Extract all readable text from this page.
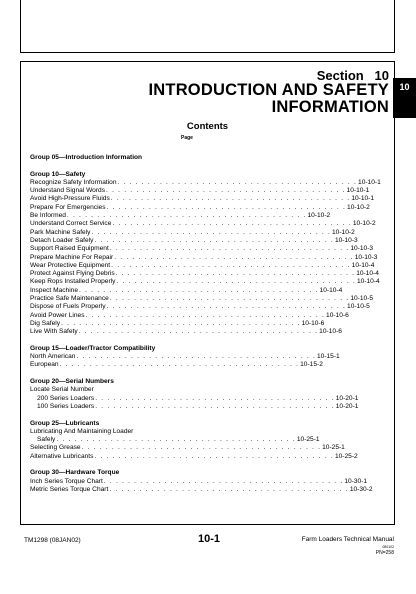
Section   10
INTRODUCTION AND SAFETY
INFORMATION
Contents
Page
Group 05—Introduction Information
Group 10—Safety
Recognize Safety Information . . . . . . . . . . . . . . . . . . . . . . . . . . . . . . . . . . . . . . . . 10-10-1
Understand Signal Words . . . . . . . . . . . . . . . . . . . . . . . . . . . . . . . . . . . . . . . . 10-10-1
Avoid High-Pressure Fluids . . . . . . . . . . . . . . . . . . . . . . . . . . . . . . . . . . . . . . . . 10-10-1
Prepare For Emergencies . . . . . . . . . . . . . . . . . . . . . . . . . . . . . . . . . . . . . . . . 10-10-2
Be Informed . . . . . . . . . . . . . . . . . . . . . . . . . . . . . . . . . . . . . . . . 10-10-2
Understand Correct Service . . . . . . . . . . . . . . . . . . . . . . . . . . . . . . . . . . . . . . . . 10-10-2
Park Machine Safely . . . . . . . . . . . . . . . . . . . . . . . . . . . . . . . . . . . . . . . . 10-10-2
Detach Loader Safely . . . . . . . . . . . . . . . . . . . . . . . . . . . . . . . . . . . . . . . . 10-10-3
Support Raised Equipment . . . . . . . . . . . . . . . . . . . . . . . . . . . . . . . . . . . . . . . . 10-10-3
Prepare Machine For Repair . . . . . . . . . . . . . . . . . . . . . . . . . . . . . . . . . . . . . . . . 10-10-3
Wear Protective Equipment . . . . . . . . . . . . . . . . . . . . . . . . . . . . . . . . . . . . . . . . 10-10-4
Protect Against Flying Debris . . . . . . . . . . . . . . . . . . . . . . . . . . . . . . . . . . . . . . . . 10-10-4
Keep Rops Installed Properly . . . . . . . . . . . . . . . . . . . . . . . . . . . . . . . . . . . . . . . . 10-10-4
Inspect Machine . . . . . . . . . . . . . . . . . . . . . . . . . . . . . . . . . . . . . . . . 10-10-4
Practice Safe Maintenance . . . . . . . . . . . . . . . . . . . . . . . . . . . . . . . . . . . . . . . . 10-10-5
Dispose of Fuels Properly . . . . . . . . . . . . . . . . . . . . . . . . . . . . . . . . . . . . . . . . 10-10-5
Avoid Power Lines . . . . . . . . . . . . . . . . . . . . . . . . . . . . . . . . . . . . . . . . 10-10-6
Dig Safely . . . . . . . . . . . . . . . . . . . . . . . . . . . . . . . . . . . . . . . . 10-10-6
Live With Safety . . . . . . . . . . . . . . . . . . . . . . . . . . . . . . . . . . . . . . . . 10-10-6
Group 15—Loader/Tractor Compatibility
North American . . . . . . . . . . . . . . . . . . . . . . . . . . . . . . . . . . . . . . . . 10-15-1
European . . . . . . . . . . . . . . . . . . . . . . . . . . . . . . . . . . . . . . . . 10-15-2
Group 20—Serial Numbers
Locate Serial Number
200 Series Loaders . . . . . . . . . . . . . . . . . . . . . . . . . . . . . . . . . . . . . . . . 10-20-1
100 Series Loaders . . . . . . . . . . . . . . . . . . . . . . . . . . . . . . . . . . . . . . . . 10-20-1
Group 25—Lubricants
Lubricating And Maintaining Loader
Safely . . . . . . . . . . . . . . . . . . . . . . . . . . . . . . . . . . . . . . . . 10-25-1
Selecting Grease . . . . . . . . . . . . . . . . . . . . . . . . . . . . . . . . . . . . . . . . 10-25-1
Alternative Lubricants . . . . . . . . . . . . . . . . . . . . . . . . . . . . . . . . . . . . . . . . 10-25-2
Group 30—Hardware Torque
Inch Series Torque Chart . . . . . . . . . . . . . . . . . . . . . . . . . . . . . . . . . . . . . . . . 10-30-1
Metric Series Torque Chart . . . . . . . . . . . . . . . . . . . . . . . . . . . . . . . . . . . . . . . . 10-30-2
10
TM1298 (08JAN02)	10-1	Farm Loaders Technical Manual
080102
PN=258
